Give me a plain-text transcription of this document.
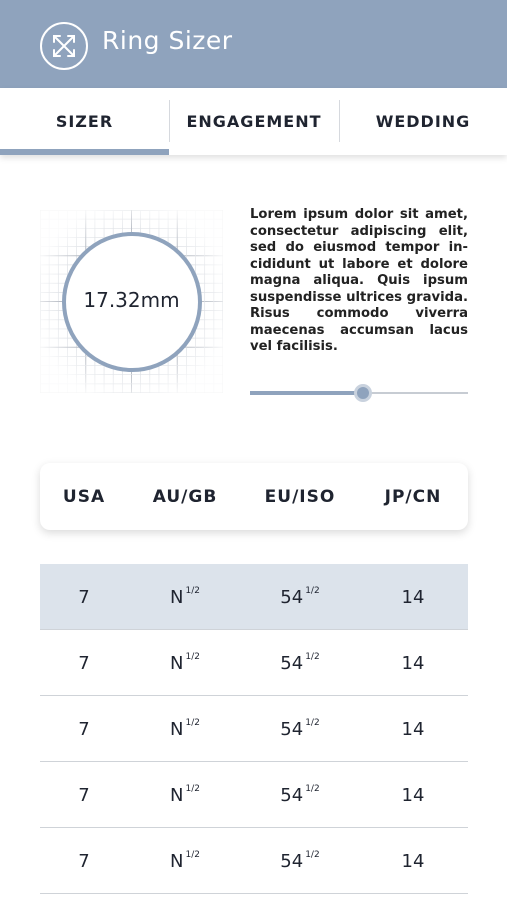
Ring Sizer
SIZER	ENGAGEMENT	WEDDING
17.32mm
Lorem ipsum dolor sit amet, consectetur adipiscing elit, sed do eiusmod tempor incididunt ut labore et dolore magna aliqua. Quis ipsum suspendisse ultrices gravida. Risus commodo viverra maecenas accumsan lacus vel facilisis.
USA	AU/GB	EU/ISO	JP/CN
7	$N^{1/2}$	$54^{1/2}$	14
7	$N^{1/2}$	$54^{1/2}$	14
7	$N^{1/2}$	$54^{1/2}$	14
7	$N^{1/2}$	$54^{1/2}$	14
7	$N^{1/2}$	$54^{1/2}$	14
